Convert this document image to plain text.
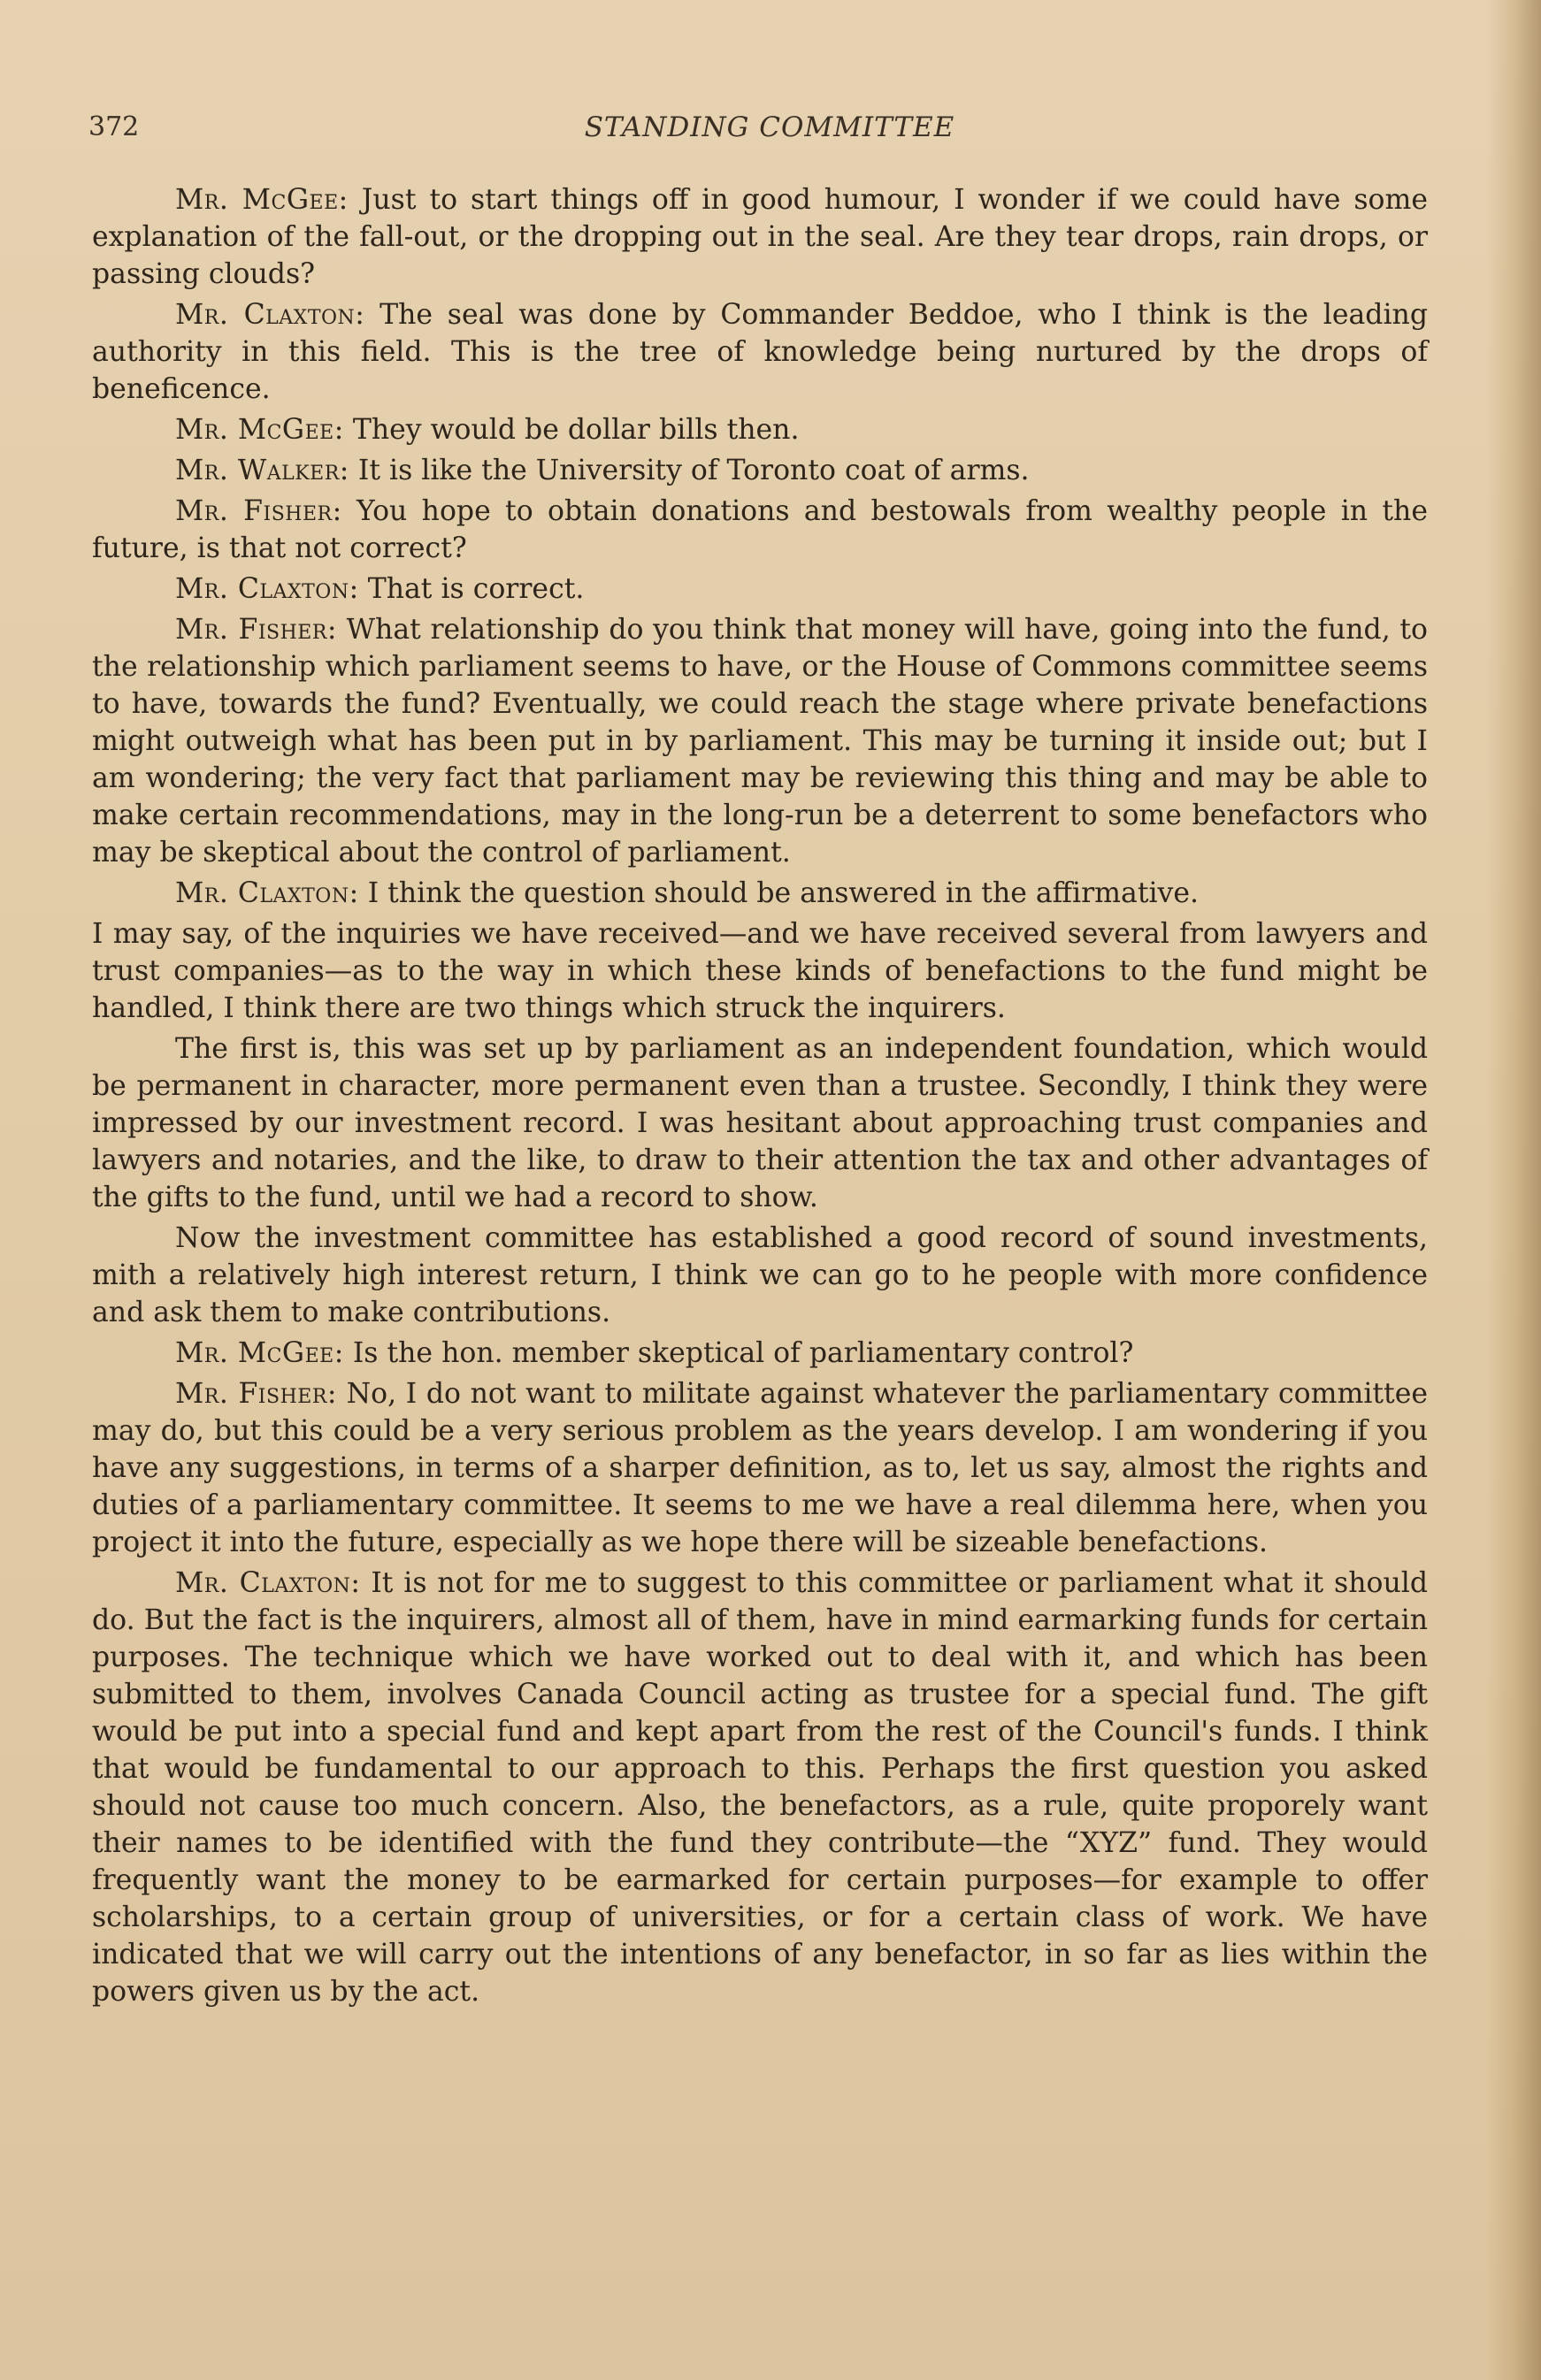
372	STANDING COMMITTEE

Mr. McGee: Just to start things off in good humour, I wonder if we could have some explanation of the fall-out, or the dropping out in the seal. Are they tear drops, rain drops, or passing clouds?

Mr. Claxton: The seal was done by Commander Beddoe, who I think is the leading authority in this field. This is the tree of knowledge being nurtured by the drops of beneficence.

Mr. McGee: They would be dollar bills then.

Mr. Walker: It is like the University of Toronto coat of arms.

Mr. Fisher: You hope to obtain donations and bestowals from wealthy people in the future, is that not correct?

Mr. Claxton: That is correct.

Mr. Fisher: What relationship do you think that money will have, going into the fund, to the relationship which parliament seems to have, or the House of Commons committee seems to have, towards the fund? Eventually, we could reach the stage where private benefactions might outweigh what has been put in by parliament. This may be turning it inside out; but I am wondering; the very fact that parliament may be reviewing this thing and may be able to make certain recommendations, may in the long-run be a deterrent to some benefactors who may be skeptical about the control of parliament.

Mr. Claxton: I think the question should be answered in the affirmative.

I may say, of the inquiries we have received—and we have received several from lawyers and trust companies—as to the way in which these kinds of benefactions to the fund might be handled, I think there are two things which struck the inquirers.

The first is, this was set up by parliament as an independent foundation, which would be permanent in character, more permanent even than a trustee. Secondly, I think they were impressed by our investment record. I was hesitant about approaching trust companies and lawyers and notaries, and the like, to draw to their attention the tax and other advantages of the gifts to the fund, until we had a record to show.

Now the investment committee has established a good record of sound investments, mith a relatively high interest return, I think we can go to he people with more confidence and ask them to make contributions.

Mr. McGee: Is the hon. member skeptical of parliamentary control?

Mr. Fisher: No, I do not want to militate against whatever the parliamentary committee may do, but this could be a very serious problem as the years develop. I am wondering if you have any suggestions, in terms of a sharper definition, as to, let us say, almost the rights and duties of a parliamentary committee. It seems to me we have a real dilemma here, when you project it into the future, especially as we hope there will be sizeable benefactions.

Mr. Claxton: It is not for me to suggest to this committee or parliament what it should do. But the fact is the inquirers, almost all of them, have in mind earmarking funds for certain purposes. The technique which we have worked out to deal with it, and which has been submitted to them, involves Canada Council acting as trustee for a special fund. The gift would be put into a special fund and kept apart from the rest of the Council's funds. I think that would be fundamental to our approach to this. Perhaps the first question you asked should not cause too much concern. Also, the benefactors, as a rule, quite proporely want their names to be identified with the fund they contribute—the “XYZ” fund. They would frequently want the money to be earmarked for certain purposes—for example to offer scholarships, to a certain group of universities, or for a certain class of work. We have indicated that we will carry out the intentions of any benefactor, in so far as lies within the powers given us by the act.
